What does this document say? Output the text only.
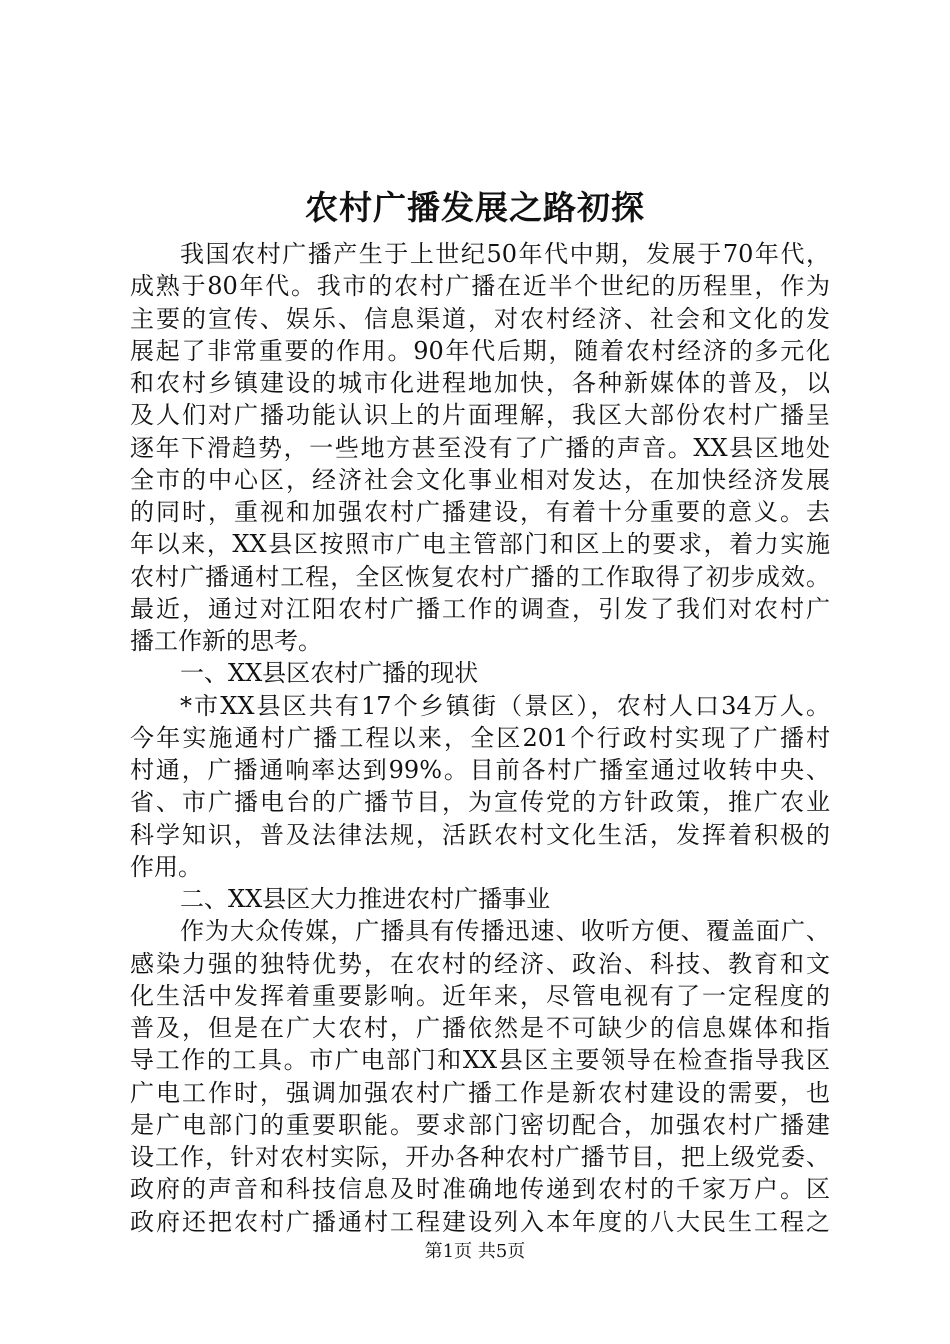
农村广播发展之路初探
我国农村广播产生于上世纪50年代中期，发展于70年代，
成熟于80年代。我市的农村广播在近半个世纪的历程里，作为
主要的宣传、娱乐、信息渠道，对农村经济、社会和文化的发
展起了非常重要的作用。90年代后期，随着农村经济的多元化
和农村乡镇建设的城市化进程地加快，各种新媒体的普及，以
及人们对广播功能认识上的片面理解，我区大部份农村广播呈
逐年下滑趋势，一些地方甚至没有了广播的声音。XX县区地处
全市的中心区，经济社会文化事业相对发达，在加快经济发展
的同时，重视和加强农村广播建设，有着十分重要的意义。去
年以来，XX县区按照市广电主管部门和区上的要求，着力实施
农村广播通村工程，全区恢复农村广播的工作取得了初步成效。
最近，通过对江阳农村广播工作的调查，引发了我们对农村广
播工作新的思考。
一、XX县区农村广播的现状
*市XX县区共有17个乡镇街（景区），农村人口34万人。
今年实施通村广播工程以来，全区201个行政村实现了广播村
村通，广播通响率达到99%。目前各村广播室通过收转中央、
省、市广播电台的广播节目，为宣传党的方针政策，推广农业
科学知识，普及法律法规，活跃农村文化生活，发挥着积极的
作用。
二、XX县区大力推进农村广播事业
作为大众传媒，广播具有传播迅速、收听方便、覆盖面广、
感染力强的独特优势，在农村的经济、政治、科技、教育和文
化生活中发挥着重要影响。近年来，尽管电视有了一定程度的
普及，但是在广大农村，广播依然是不可缺少的信息媒体和指
导工作的工具。市广电部门和XX县区主要领导在检查指导我区
广电工作时，强调加强农村广播工作是新农村建设的需要，也
是广电部门的重要职能。要求部门密切配合，加强农村广播建
设工作，针对农村实际，开办各种农村广播节目，把上级党委、
政府的声音和科技信息及时准确地传递到农村的千家万户。区
政府还把农村广播通村工程建设列入本年度的八大民生工程之
第1页 共5页
